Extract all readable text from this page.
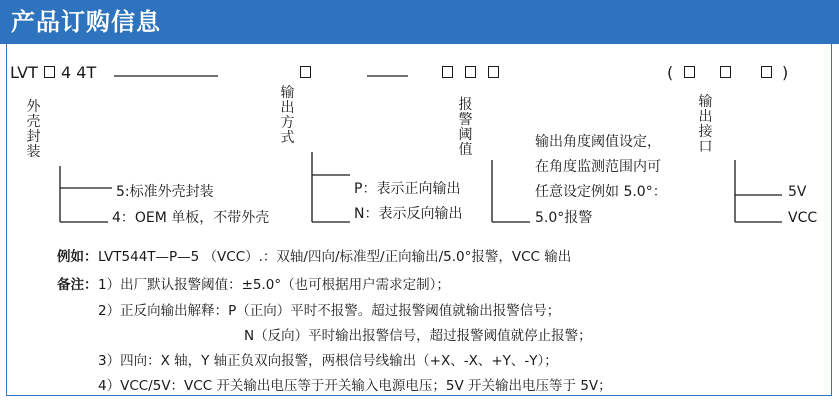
产品订购信息
LVT 4 4T	(	)
外壳封装
输出方式
报警阈值
输出接口
5:标准外壳封装
4：OEM 单板，不带外壳
P：表示正向输出
N：表示反向输出
输出角度阈值设定，
在角度监测范围内可
任意设定例如 5.0°：
5.0°报警
5V
VCC
例如： LVT544T—P—5 （VCC）.：双轴/四向/标准型/正向输出/5.0°报警，VCC 输出
备注： 1）出厂默认报警阈值：±5.0°（也可根据用户需求定制）；
2）正反向输出解释：P（正向）平时不报警。超过报警阈值就输出报警信号；
N（反向）平时输出报警信号，超过报警阈值就停止报警；
3）四向：X 轴，Y 轴正负双向报警，两根信号线输出（+X、-X、+Y、-Y）；
4）VCC/5V：VCC 开关输出电压等于开关输入电源电压；5V 开关输出电压等于 5V；
